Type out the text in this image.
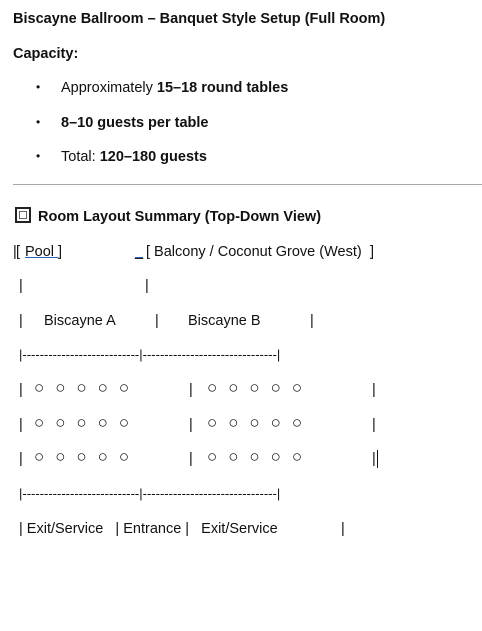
Biscayne Ballroom – Banquet Style Setup (Full Room)
Capacity:
• Approximately 15–18 round tables
• 8–10 guests per table
• Total: 120–180 guests
Room Layout Summary (Top-Down View)
| [ Pool ]	_ [ Balcony / Coconut Grove (West) ]
|	|
| Biscayne A	| Biscayne B	|
|---------------------------|-------------------------------|
| ○  ○  ○  ○  ○	| ○  ○  ○  ○  ○	|
| ○  ○  ○  ○  ○	| ○  ○  ○  ○  ○	|
| ○  ○  ○  ○  ○	| ○  ○  ○  ○  ○	|
|---------------------------|-------------------------------|
| Exit/Service   | Entrance |   Exit/Service	|
